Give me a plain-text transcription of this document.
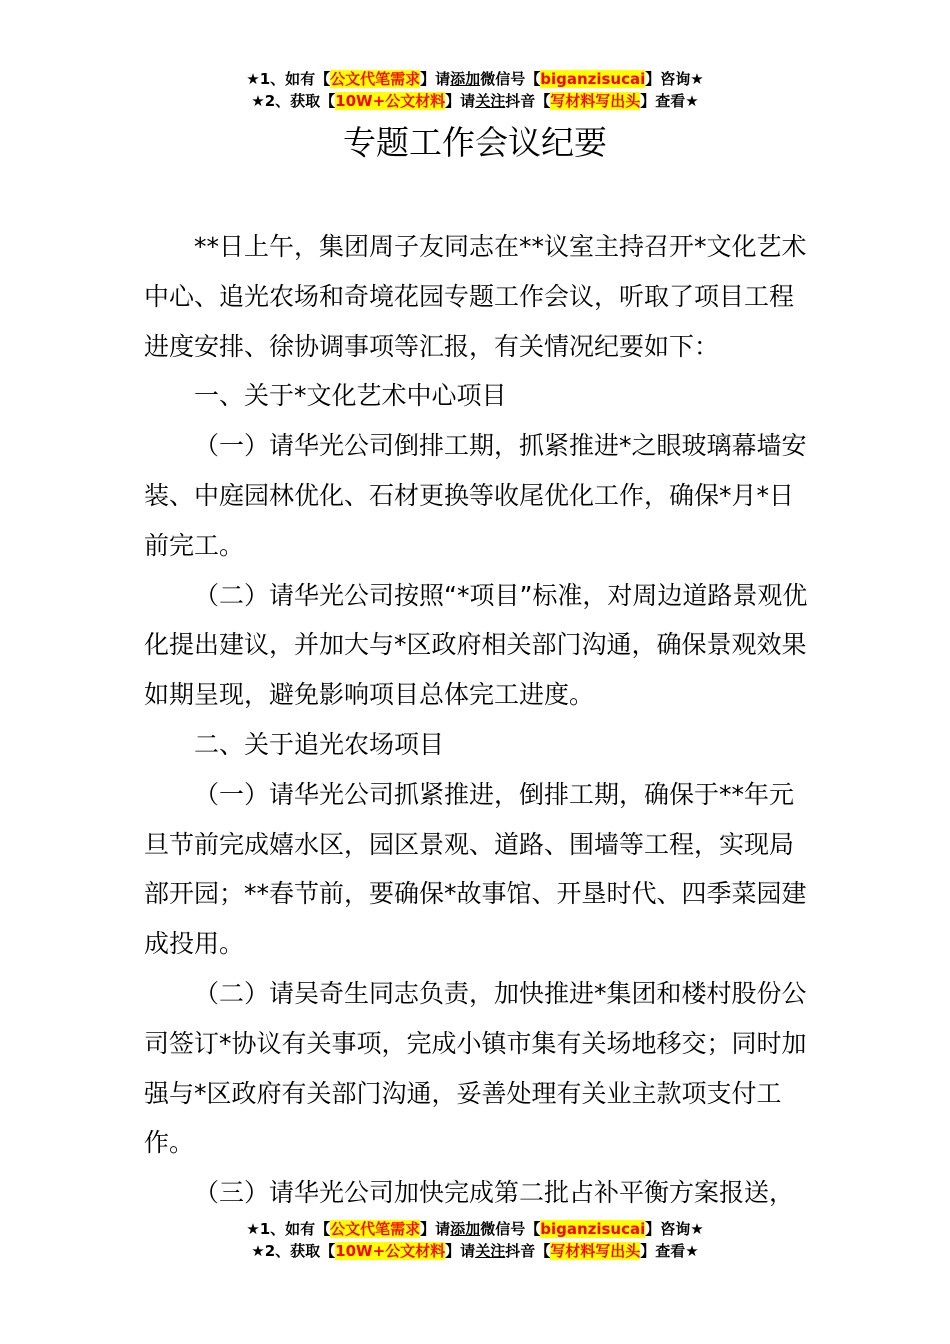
★1、如有【公文代笔需求】请添加微信号【biganzisucai】咨询★
★2、获取【10W+公文材料】请关注抖音【写材料写出头】查看★
专题工作会议纪要

**日上午，集团周子友同志在**议室主持召开*文化艺术中心、追光农场和奇境花园专题工作会议，听取了项目工程进度安排、徐协调事项等汇报，有关情况纪要如下：

一、关于*文化艺术中心项目

（一）请华光公司倒排工期，抓紧推进*之眼玻璃幕墙安装、中庭园林优化、石材更换等收尾优化工作，确保*月*日前完工。

（二）请华光公司按照“*项目”标准，对周边道路景观优化提出建议，并加大与*区政府相关部门沟通，确保景观效果如期呈现，避免影响项目总体完工进度。

二、关于追光农场项目

（一）请华光公司抓紧推进，倒排工期，确保于**年元旦节前完成嬉水区，园区景观、道路、围墙等工程，实现局部开园；**春节前，要确保*故事馆、开垦时代、四季菜园建成投用。

（二）请吴奇生同志负责，加快推进*集团和楼村股份公司签订*协议有关事项，完成小镇市集有关场地移交；同时加强与*区政府有关部门沟通，妥善处理有关业主款项支付工作。

（三）请华光公司加快完成第二批占补平衡方案报送，

★1、如有【公文代笔需求】请添加微信号【biganzisucai】咨询★
★2、获取【10W+公文材料】请关注抖音【写材料写出头】查看★
